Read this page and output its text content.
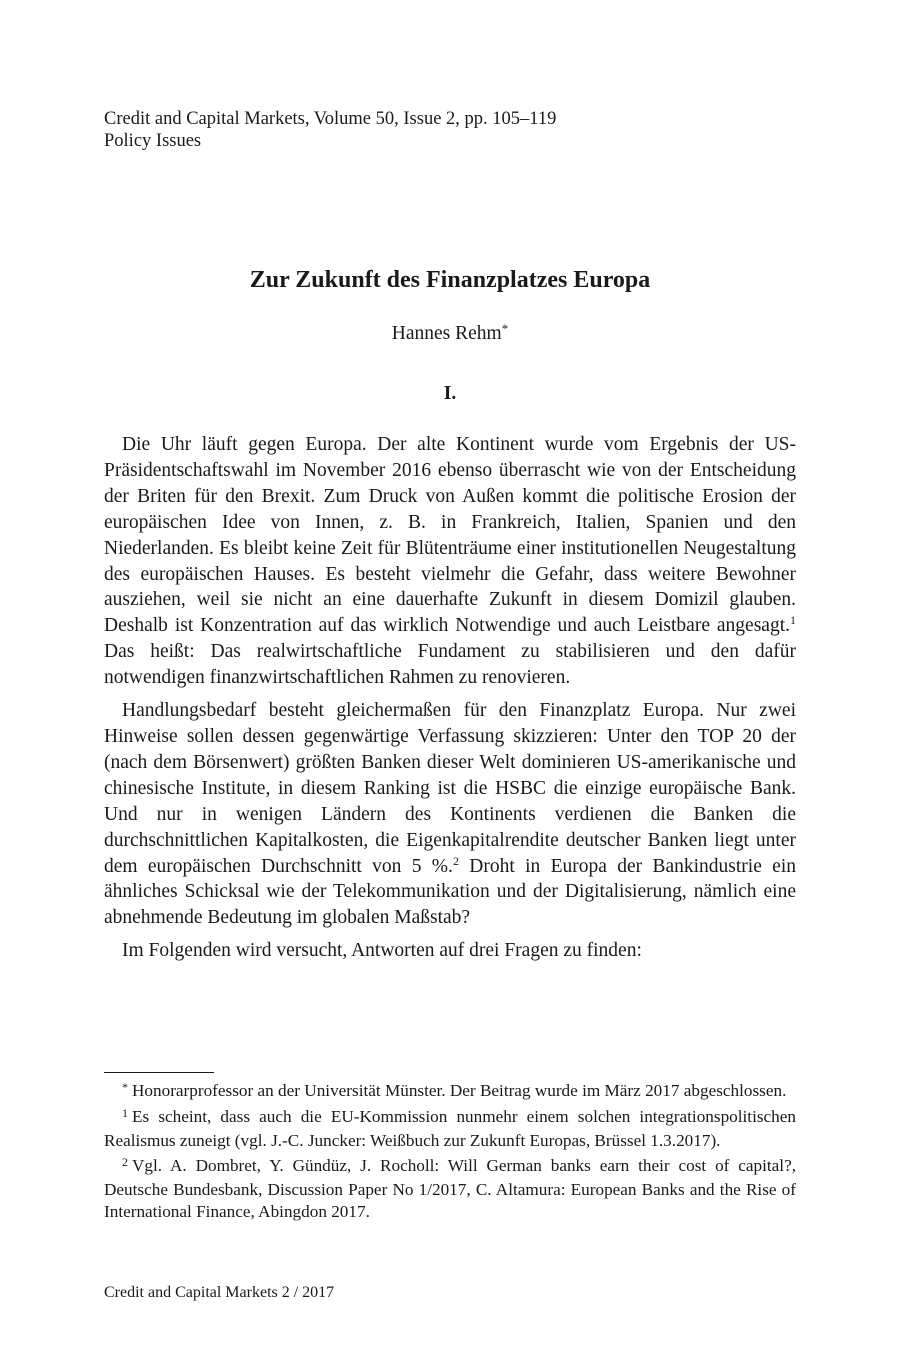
Credit and Capital Markets, Volume 50, Issue 2, pp. 105–119
Policy Issues
Zur Zukunft des Finanzplatzes Europa
Hannes Rehm*
I.

Die Uhr läuft gegen Europa. Der alte Kontinent wurde vom Ergebnis der US-Präsidentschaftswahl im November 2016 ebenso überrascht wie von der Entscheidung der Briten für den Brexit. Zum Druck von Außen kommt die politische Erosion der europäischen Idee von Innen, z. B. in Frankreich, Italien, Spanien und den Niederlanden. Es bleibt keine Zeit für Blütenträume einer institutionellen Neugestaltung des europäischen Hauses. Es besteht vielmehr die Gefahr, dass weitere Bewohner ausziehen, weil sie nicht an eine dauerhafte Zukunft in diesem Domizil glauben. Deshalb ist Konzentration auf das wirklich Notwendige und auch Leistbare angesagt.$^1$ Das heißt: Das realwirtschaftliche Fundament zu stabilisieren und den dafür notwendigen finanzwirtschaftlichen Rahmen zu renovieren.

Handlungsbedarf besteht gleichermaßen für den Finanzplatz Europa. Nur zwei Hinweise sollen dessen gegenwärtige Verfassung skizzieren: Unter den TOP 20 der (nach dem Börsenwert) größten Banken dieser Welt dominieren US-amerikanische und chinesische Institute, in diesem Ranking ist die HSBC die einzige europäische Bank. Und nur in wenigen Ländern des Kontinents verdienen die Banken die durchschnittlichen Kapitalkosten, die Eigenkapitalrendite deutscher Banken liegt unter dem europäischen Durchschnitt von 5 %.$^2$ Droht in Europa der Bankindustrie ein ähnliches Schicksal wie der Telekommunikation und der Digitalisierung, nämlich eine abnehmende Bedeutung im globalen Maßstab?

Im Folgenden wird versucht, Antworten auf drei Fragen zu finden:

* Honorarprofessor an der Universität Münster. Der Beitrag wurde im März 2017 abgeschlossen.

$^1$ Es scheint, dass auch die EU-Kommission nunmehr einem solchen integrationspolitischen Realismus zuneigt (vgl. J.-C. Juncker: Weißbuch zur Zukunft Europas, Brüssel 1.3.2017).

$^2$ Vgl. A. Dombret, Y. Gündüz, J. Rocholl: Will German banks earn their cost of capital?, Deutsche Bundesbank, Discussion Paper No 1/2017, C. Altamura: European Banks and the Rise of International Finance, Abingdon 2017.

Credit and Capital Markets 2 / 2017
